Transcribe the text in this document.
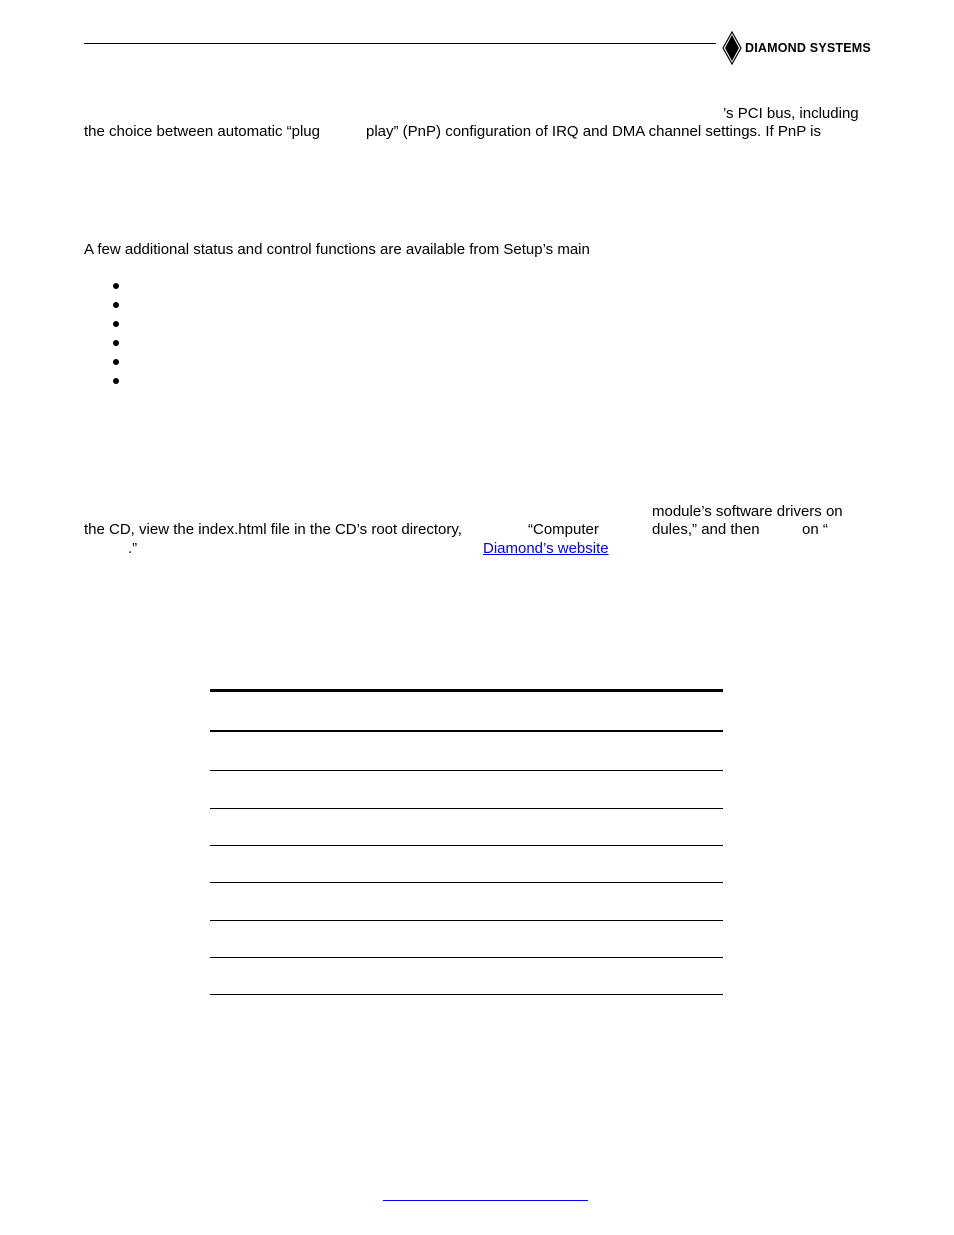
DIAMOND SYSTEMS
’s PCI bus, including
the choice between automatic “plug	play” (PnP) configuration of IRQ and DMA channel settings. If PnP is
A few additional status and control functions are available from Setup’s main
module’s software drivers on
the CD, view the index.html file in the CD’s root directory,	“Computer	dules,” and then	on “
.”	Diamond’s website
